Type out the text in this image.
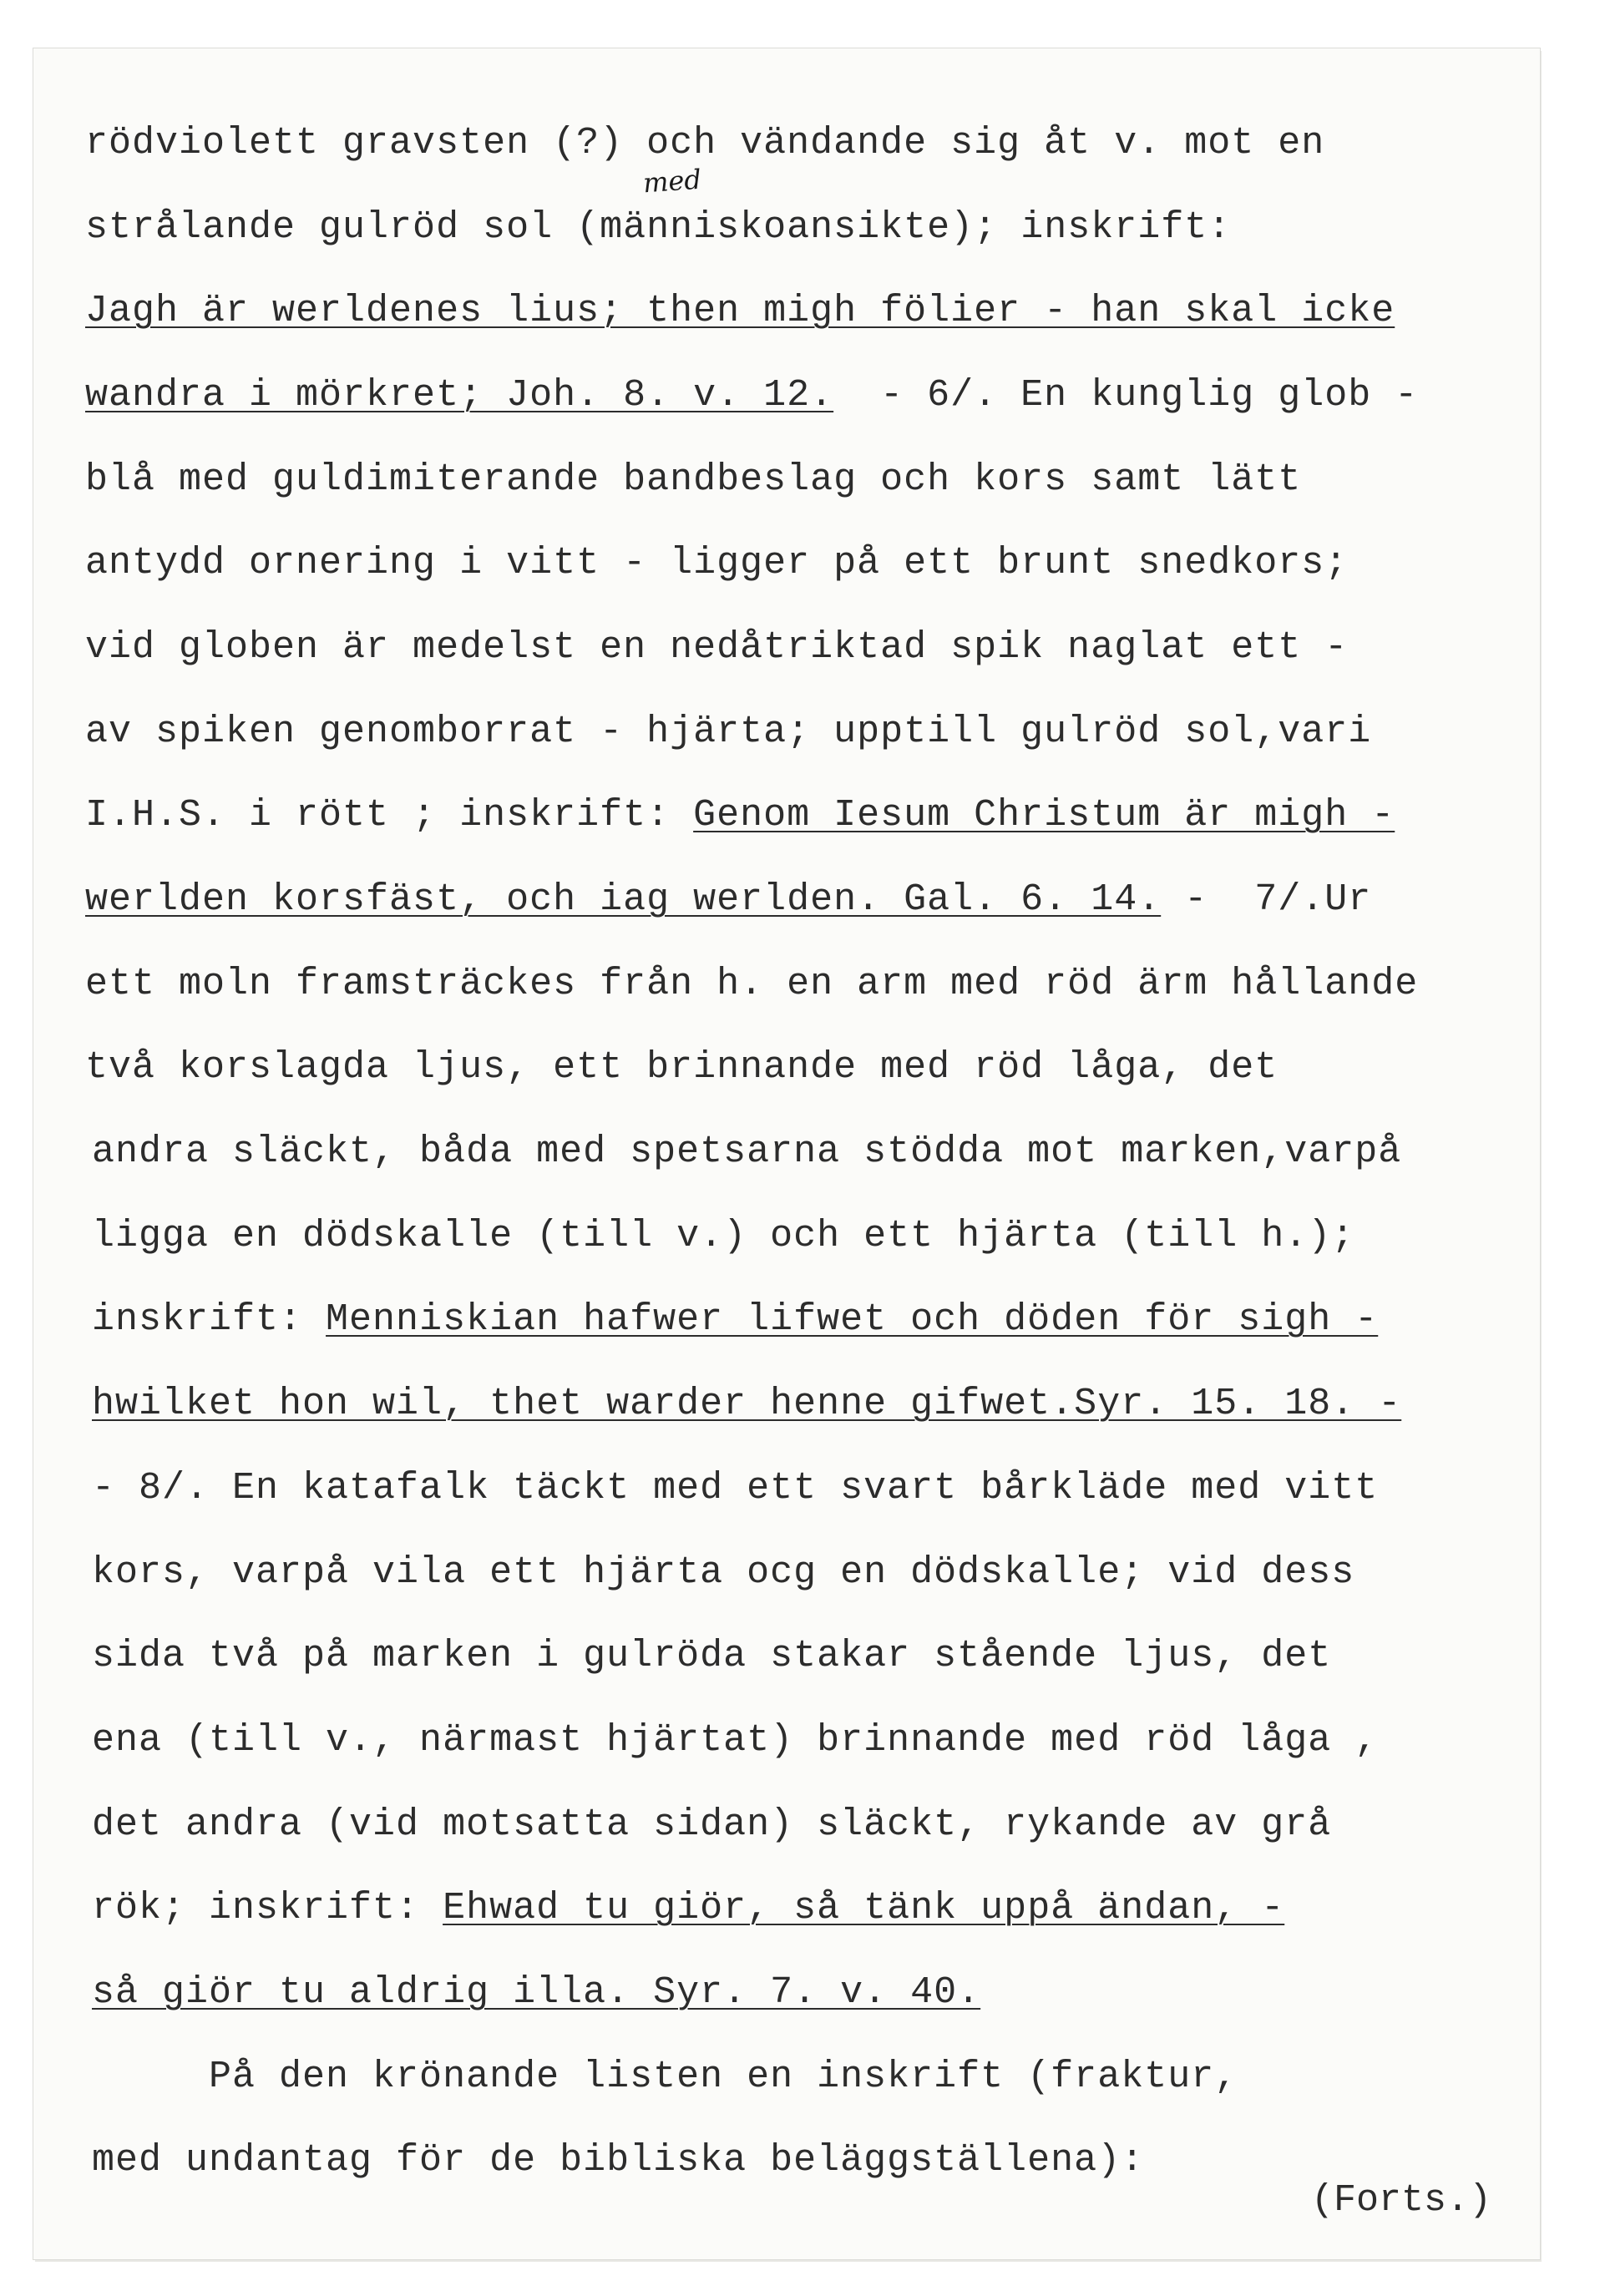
rödviolett gravsten (?) och vändande sig åt v. mot en
strålande gulröd sol (människoansikte); inskrift:
Jagh är werldenes lius; then migh fölier - han skal icke
wandra i mörkret; Joh. 8. v. 12.  - 6/. En kunglig glob -
blå med guldimiterande bandbeslag och kors samt lätt
antydd ornering i vitt - ligger på ett brunt snedkors;
vid globen är medelst en nedåtriktad spik naglat ett -
av spiken genomborrat - hjärta; upptill gulröd sol,vari
I.H.S. i rött ; inskrift: Genom Iesum Christum är migh -
werlden korsfäst, och iag werlden. Gal. 6. 14. -  7/.Ur
ett moln framsträckes från h. en arm med röd ärm hållande
två korslagda ljus, ett brinnande med röd låga, det
andra släckt, båda med spetsarna stödda mot marken,varpå
ligga en dödskalle (till v.) och ett hjärta (till h.);
inskrift: Menniskian hafwer lifwet och döden för sigh -
hwilket hon wil, thet warder henne gifwet.Syr. 15. 18. -
- 8/. En katafalk täckt med ett svart bårkläde med vitt
kors, varpå vila ett hjärta ocg en dödskalle; vid dess
sida två på marken i gulröda stakar stående ljus, det
ena (till v., närmast hjärtat) brinnande med röd låga ,
det andra (vid motsatta sidan) släckt, rykande av grå
rök; inskrift: Ehwad tu giör, så tänk uppå ändan, -
så giör tu aldrig illa. Syr. 7. v. 40.
På den krönande listen en inskrift (fraktur,
med undantag för de bibliska beläggställena):
med
(Forts.)
